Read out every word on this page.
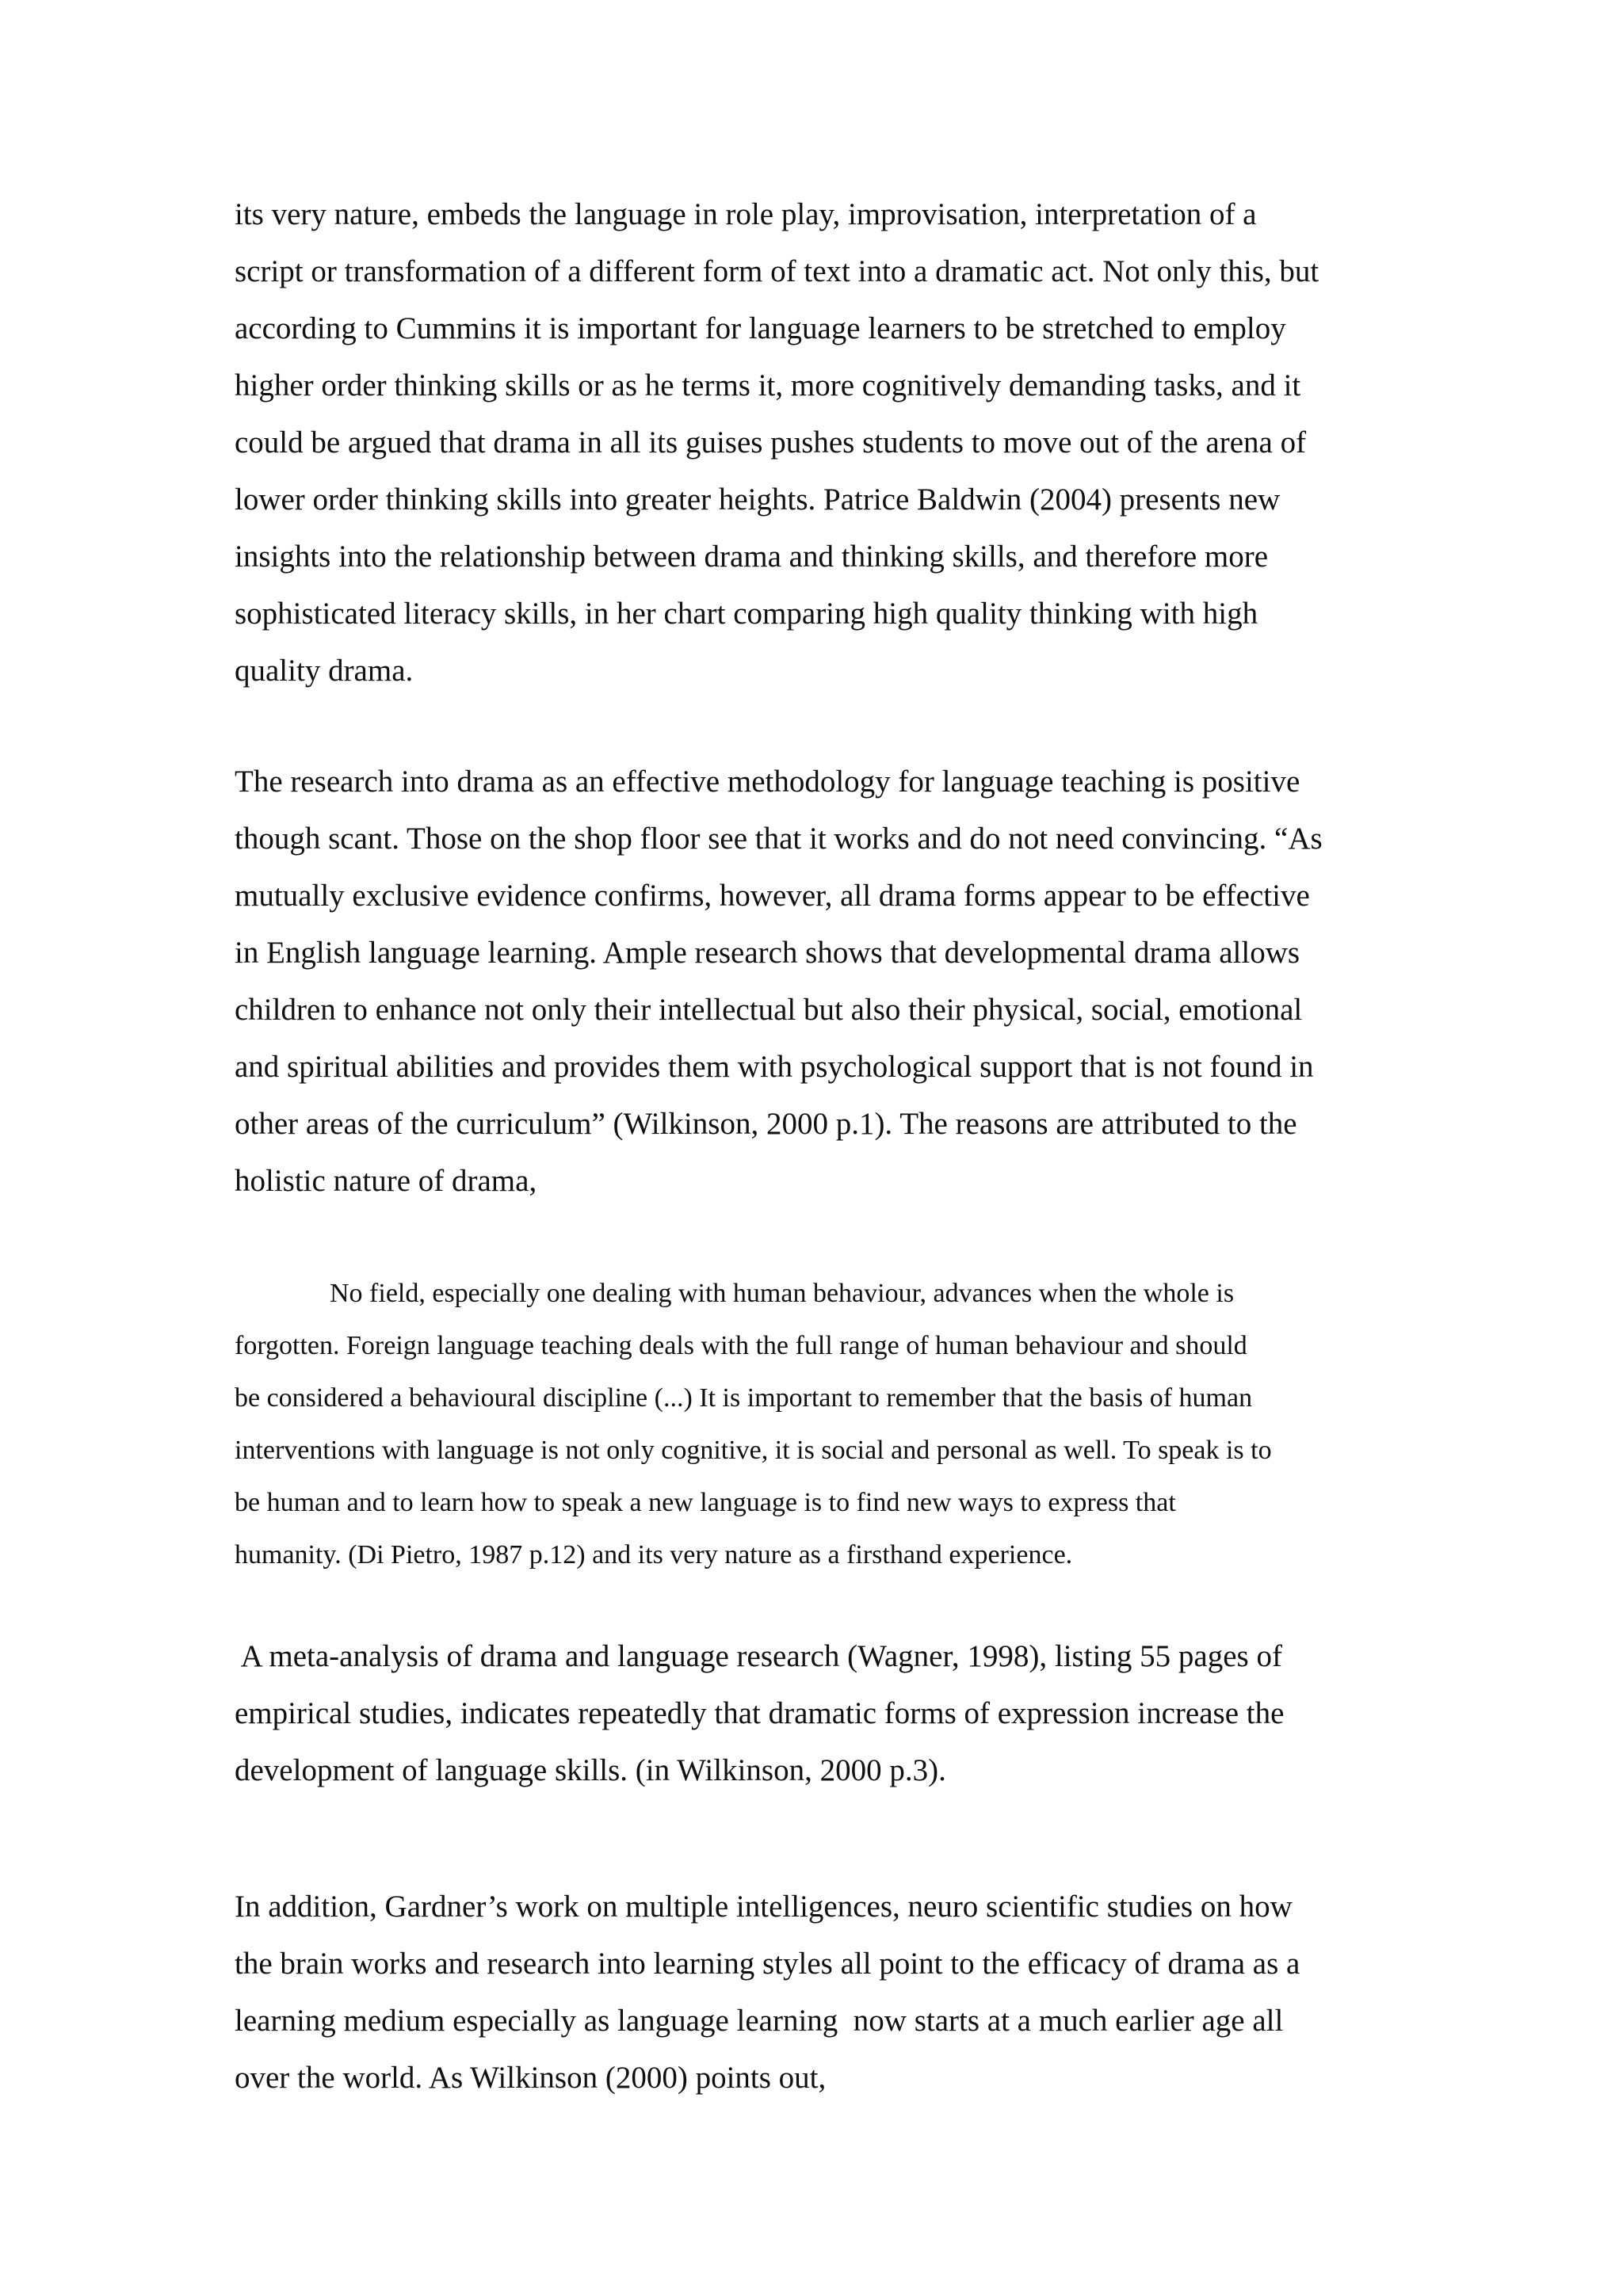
its very nature, embeds the language in role play, improvisation, interpretation of a
script or transformation of a different form of text into a dramatic act. Not only this, but
according to Cummins it is important for language learners to be stretched to employ
higher order thinking skills or as he terms it, more cognitively demanding tasks, and it
could be argued that drama in all its guises pushes students to move out of the arena of
lower order thinking skills into greater heights. Patrice Baldwin (2004) presents new
insights into the relationship between drama and thinking skills, and therefore more
sophisticated literacy skills, in her chart comparing high quality thinking with high
quality drama.

The research into drama as an effective methodology for language teaching is positive
though scant. Those on the shop floor see that it works and do not need convincing. “As
mutually exclusive evidence confirms, however, all drama forms appear to be effective
in English language learning. Ample research shows that developmental drama allows
children to enhance not only their intellectual but also their physical, social, emotional
and spiritual abilities and provides them with psychological support that is not found in
other areas of the curriculum” (Wilkinson, 2000 p.1). The reasons are attributed to the
holistic nature of drama,

No field, especially one dealing with human behaviour, advances when the whole is
forgotten. Foreign language teaching deals with the full range of human behaviour and should
be considered a behavioural discipline (...) It is important to remember that the basis of human
interventions with language is not only cognitive, it is social and personal as well. To speak is to
be human and to learn how to speak a new language is to find new ways to express that
humanity. (Di Pietro, 1987 p.12) and its very nature as a firsthand experience.

A meta-analysis of drama and language research (Wagner, 1998), listing 55 pages of
empirical studies, indicates repeatedly that dramatic forms of expression increase the
development of language skills. (in Wilkinson, 2000 p.3).

In addition, Gardner’s work on multiple intelligences, neuro scientific studies on how
the brain works and research into learning styles all point to the efficacy of drama as a
learning medium especially as language learning  now starts at a much earlier age all
over the world. As Wilkinson (2000) points out,
